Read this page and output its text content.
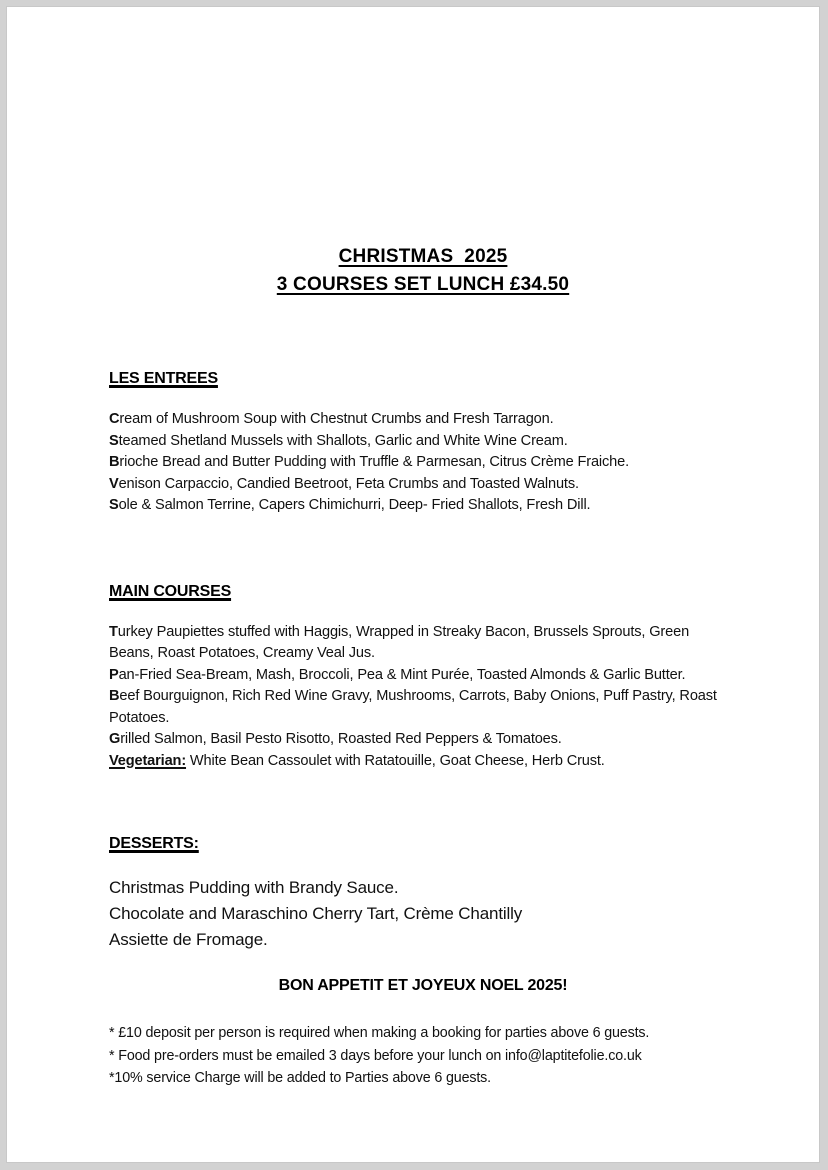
CHRISTMAS  2025
3 COURSES SET LUNCH £34.50
LES ENTREES
Cream of Mushroom Soup with Chestnut Crumbs and Fresh Tarragon.
Steamed Shetland Mussels with Shallots, Garlic and White Wine Cream.
Brioche Bread and Butter Pudding with Truffle & Parmesan, Citrus Crème Fraiche.
Venison Carpaccio, Candied Beetroot, Feta Crumbs and Toasted Walnuts.
Sole & Salmon Terrine, Capers Chimichurri, Deep- Fried Shallots, Fresh Dill.
MAIN COURSES
Turkey Paupiettes stuffed with Haggis, Wrapped in Streaky Bacon, Brussels Sprouts, Green Beans, Roast Potatoes, Creamy Veal Jus.
Pan-Fried Sea-Bream, Mash, Broccoli, Pea & Mint Purée, Toasted Almonds & Garlic Butter.
Beef Bourguignon, Rich Red Wine Gravy, Mushrooms, Carrots, Baby Onions, Puff Pastry, Roast Potatoes.
Grilled Salmon, Basil Pesto Risotto, Roasted Red Peppers & Tomatoes.
Vegetarian: White Bean Cassoulet with Ratatouille, Goat Cheese, Herb Crust.
DESSERTS:
Christmas Pudding with Brandy Sauce.
Chocolate and Maraschino Cherry Tart, Crème Chantilly
Assiette de Fromage.
BON APPETIT ET JOYEUX NOEL 2025!
* £10 deposit per person is required when making a booking for parties above 6 guests.
* Food pre-orders must be emailed 3 days before your lunch on info@laptitefolie.co.uk
*10% service Charge will be added to Parties above 6 guests.
